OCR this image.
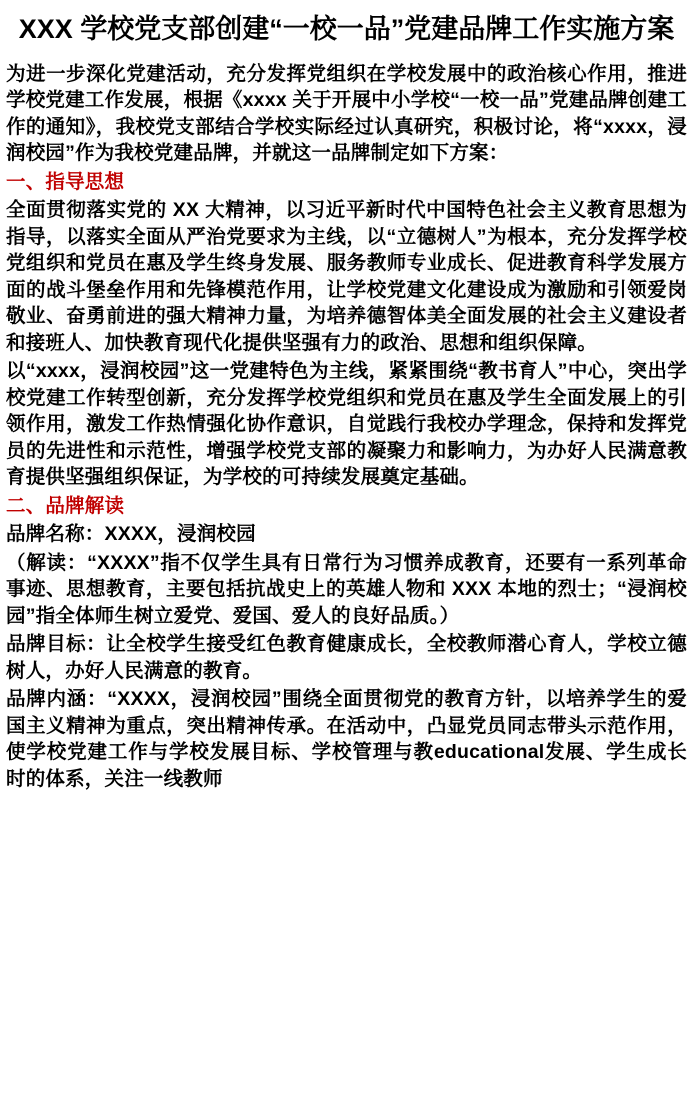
XXX 学校党支部创建“一校一品”党建品牌工作实施方案

为进一步深化党建活动，充分发挥党组织在学校发展中的政治核心作用，推进学校党建工作发展，根据《xxxx 关于开展中小学校“一校一品”党建品牌创建工作的通知》，我校党支部结合学校实际经过认真研究，积极讨论，将“xxxx，浸润校园”作为我校党建品牌，并就这一品牌制定如下方案：

一、指导思想

全面贯彻落实党的 XX 大精神，以习近平新时代中国特色社会主义教育思想为指导，以落实全面从严治党要求为主线，以“立德树人”为根本，充分发挥学校党组织和党员在惠及学生终身发展、服务教师专业成长、促进教育科学发展方面的战斗堡垒作用和先锋模范作用，让学校党建文化建设成为激励和引领爱岗敬业、奋勇前进的强大精神力量，为培养德智体美全面发展的社会主义建设者和接班人、加快教育现代化提供坚强有力的政治、思想和组织保障。

以“xxxx，浸润校园”这一党建特色为主线，紧紧围绕“教书育人”中心，突出学校党建工作转型创新，充分发挥学校党组织和党员在惠及学生全面发展上的引领作用，激发工作热情强化协作意识，自觉践行我校办学理念，保持和发挥党员的先进性和示范性，增强学校党支部的凝聚力和影响力，为办好人民满意教育提供坚强组织保证，为学校的可持续发展奠定基础。

二、品牌解读

品牌名称：XXXX，浸润校园

（解读：“XXXX”指不仅学生具有日常行为习惯养成教育，还要有一系列革命事迹、思想教育，主要包括抗战史上的英雄人物和 XXX 本地的烈士；“浸润校园”指全体师生树立爱党、爱国、爱人的良好品质。）

品牌目标：让全校学生接受红色教育健康成长，全校教师潜心育人，学校立德树人，办好人民满意的教育。

品牌内涵：“XXXX，浸润校园”围绕全面贯彻党的教育方针，以培养学生的爱国主义精神为重点，突出精神传承。在活动中，凸显党员同志带头示范作用，使学校党建工作与学校发展目标、学校管理与教educational发展、学生成长时的体系，关注一线教师
